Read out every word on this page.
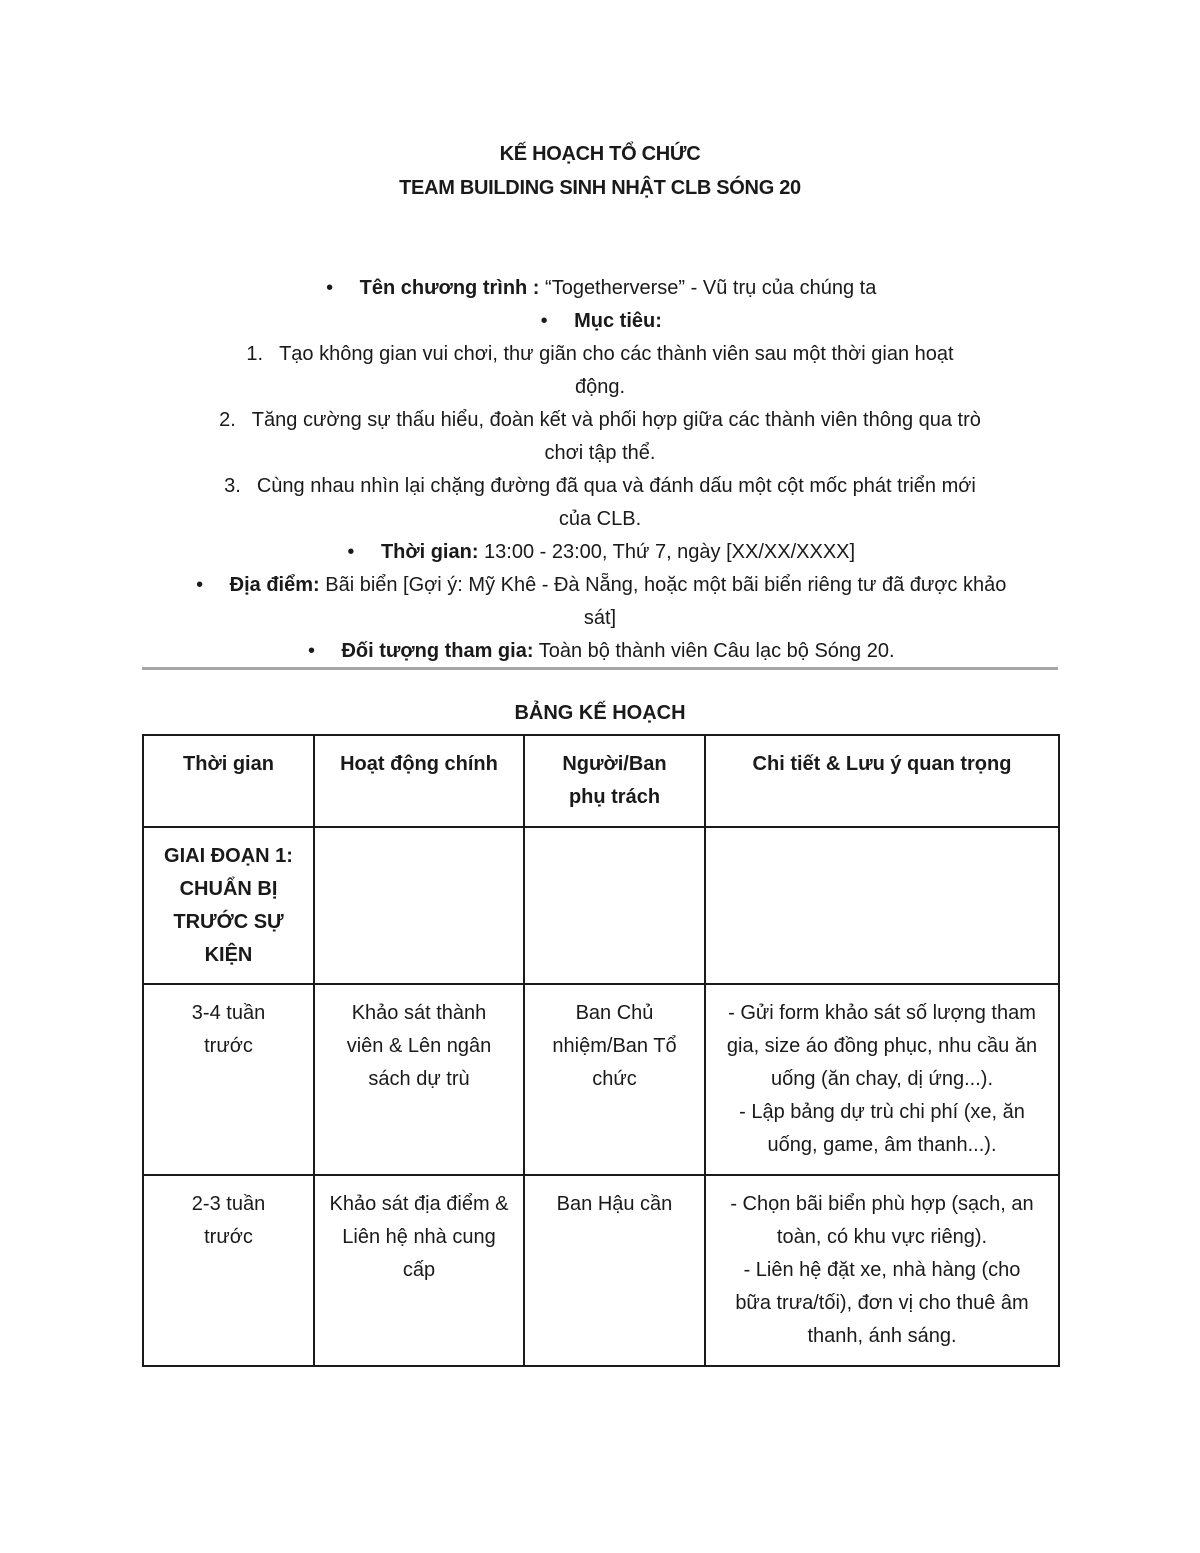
KẾ HOẠCH TỔ CHỨC
TEAM BUILDING SINH NHẬT CLB SÓNG 20
• Tên chương trình : “Togetherverse” - Vũ trụ của chúng ta
• Mục tiêu:
1. Tạo không gian vui chơi, thư giãn cho các thành viên sau một thời gian hoạt
động.
2. Tăng cường sự thấu hiểu, đoàn kết và phối hợp giữa các thành viên thông qua trò
chơi tập thể.
3. Cùng nhau nhìn lại chặng đường đã qua và đánh dấu một cột mốc phát triển mới
của CLB.
• Thời gian: 13:00 - 23:00, Thứ 7, ngày [XX/XX/XXXX]
• Địa điểm: Bãi biển [Gợi ý: Mỹ Khê - Đà Nẵng, hoặc một bãi biển riêng tư đã được khảo
sát]
• Đối tượng tham gia: Toàn bộ thành viên Câu lạc bộ Sóng 20.
BẢNG KẾ HOẠCH
Thời gian	Hoạt động chính	Người/Ban phụ trách	Chi tiết & Lưu ý quan trọng
GIAI ĐOẠN 1: CHUẨN BỊ TRƯỚC SỰ KIỆN			

3-4 tuần trước	Khảo sát thành viên & Lên ngân sách dự trù	Ban Chủ nhiệm/Ban Tổ chức	- Gửi form khảo sát số lượng tham gia, size áo đồng phục, nhu cầu ăn uống (ăn chay, dị ứng...).
- Lập bảng dự trù chi phí (xe, ăn uống, game, âm thanh...).

2-3 tuần trước	Khảo sát địa điểm & Liên hệ nhà cung cấp	Ban Hậu cần	- Chọn bãi biển phù hợp (sạch, an toàn, có khu vực riêng).
- Liên hệ đặt xe, nhà hàng (cho bữa trưa/tối), đơn vị cho thuê âm thanh, ánh sáng.
